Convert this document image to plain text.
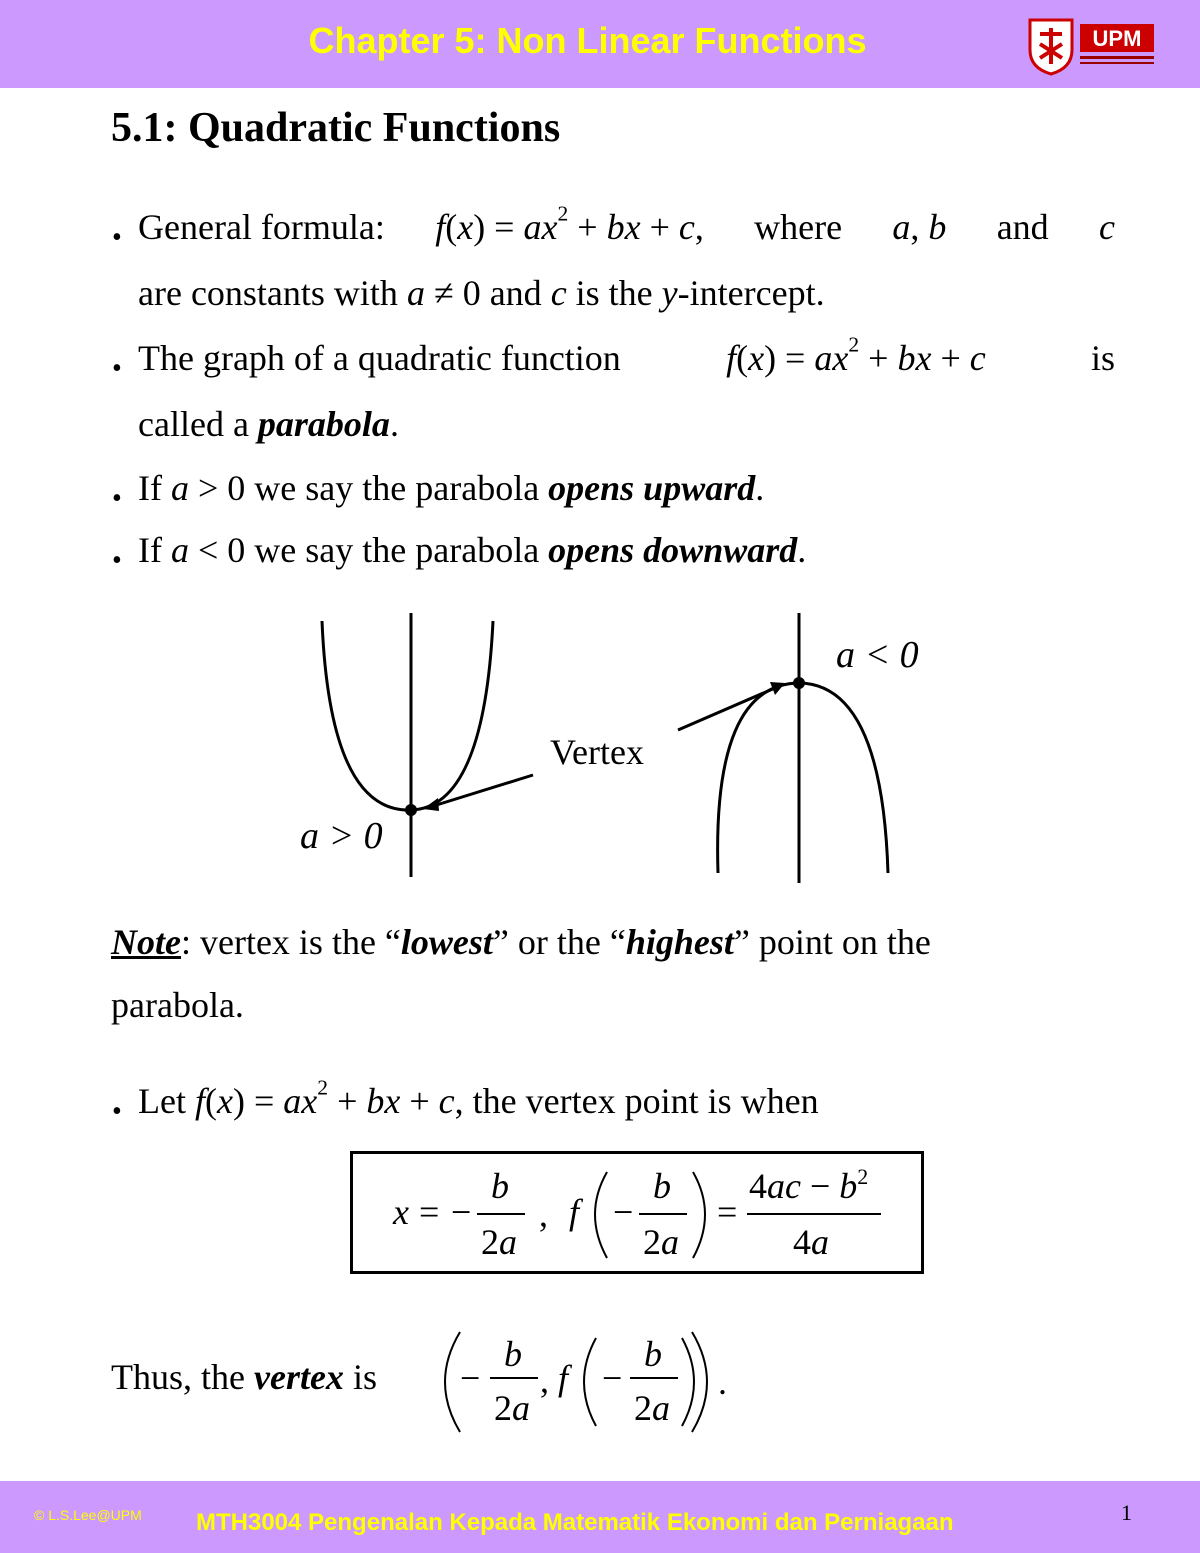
Chapter 5: Non Linear Functions	UPM
5.1: Quadratic Functions
• General formula: $f(x) = ax^2$ + bx + c, where a, b and c
are constants with a ≠ 0 and c is the y-intercept.
• The graph of a quadratic function	$f(x) = ax^2$ + bx + c	is
called a parabola.
• If a > 0 we say the parabola opens upward.
• If a < 0 we say the parabola opens downward.
a > 0
a < 0
Vertex
Note: vertex is the “lowest” or the “highest” point on the
parabola.
• Let $f(x) = ax^2$ + bx + c, the vertex point is when
x = −
b
2a
, f −
b
2a
=
$4ac - b^2$
4a
Thus, the vertex is −
b
2a
, f −
b
2a
.
© L.S.Lee@UPM MTH3004 Pengenalan Kepada Matematik Ekonomi dan Perniagaan	1
